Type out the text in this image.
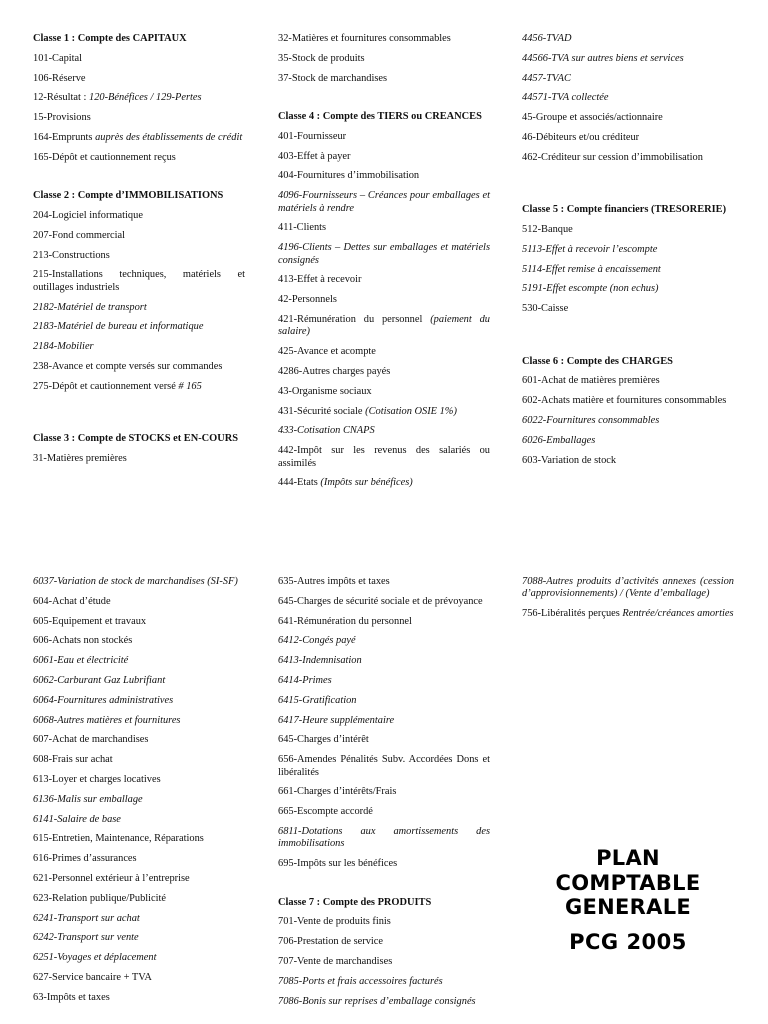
Classe 1 : Compte des CAPITAUX
101-Capital
106-Réserve
12-Résultat : 120-Bénéfices / 129-Pertes
15-Provisions
164-Emprunts auprès des établissements de crédit
165-Dépôt et cautionnement reçus
Classe 2 : Compte d’IMMOBILISATIONS
204-Logiciel informatique
207-Fond commercial
213-Constructions
215-Installations techniques, matériels et outillages industriels
2182-Matériel de transport
2183-Matériel de bureau et informatique
2184-Mobilier
238-Avance et compte versés sur commandes
275-Dépôt et cautionnement versé # 165
Classe 3 : Compte de STOCKS et EN-COURS
31-Matières premières
32-Matières et fournitures consommables
35-Stock de produits
37-Stock de marchandises
Classe 4 : Compte des TIERS ou CREANCES
401-Fournisseur
403-Effet à payer
404-Fournitures d’immobilisation
4096-Fournisseurs – Créances pour emballages et matériels à rendre
411-Clients
4196-Clients – Dettes sur emballages et matériels consignés
413-Effet à recevoir
42-Personnels
421-Rémunération du personnel (paiement du salaire)
425-Avance et acompte
4286-Autres charges payés
43-Organisme sociaux
431-Sécurité sociale (Cotisation OSIE 1%)
433-Cotisation CNAPS
442-Impôt sur les revenus des salariés ou assimilés
444-Etats (Impôts sur bénéfices)
4456-TVAD
44566-TVA sur autres biens et services
4457-TVAC
44571-TVA collectée
45-Groupe et associés/actionnaire
46-Débiteurs et/ou créditeur
462-Créditeur sur cession d’immobilisation
Classe 5 : Compte financiers (TRESORERIE)
512-Banque
5113-Effet à recevoir l’escompte
5114-Effet remise à encaissement
5191-Effet escompte (non echus)
530-Caisse
Classe 6 : Compte des CHARGES
601-Achat de matières premières
602-Achats matière et fournitures consommables
6022-Fournitures consommables
6026-Emballages
603-Variation de stock
6037-Variation de stock de marchandises (SI-SF)
604-Achat d’étude
605-Equipement et travaux
606-Achats non stockés
6061-Eau et électricité
6062-Carburant Gaz Lubrifiant
6064-Fournitures administratives
6068-Autres matières et fournitures
607-Achat de marchandises
608-Frais sur achat
613-Loyer et charges locatives
6136-Malis sur emballage
6141-Salaire de base
615-Entretien, Maintenance, Réparations
616-Primes d’assurances
621-Personnel extérieur à l’entreprise
623-Relation publique/Publicité
6241-Transport sur achat
6242-Transport sur vente
6251-Voyages et déplacement
627-Service bancaire + TVA
63-Impôts et taxes
635-Autres impôts et taxes
645-Charges de sécurité sociale et de prévoyance
641-Rémunération du personnel
6412-Congés payé
6413-Indemnisation
6414-Primes
6415-Gratification
6417-Heure supplémentaire
645-Charges d’intérêt
656-Amendes Pénalités Subv. Accordées Dons et libéralités
661-Charges d’intérêts/Frais
665-Escompte accordé
6811-Dotations aux amortissements des immobilisations
695-Impôts sur les bénéfices
Classe 7 : Compte des PRODUITS
701-Vente de produits finis
706-Prestation de service
707-Vente de marchandises
7085-Ports et frais accessoires facturés
7086-Bonis sur reprises d’emballage consignés
7088-Autres produits d’activités annexes (cession d’approvisionnements) / (Vente d’emballage)
756-Libéralités perçues Rentrée/créances amorties
PLAN
COMPTABLE
GENERALE
PCG 2005
